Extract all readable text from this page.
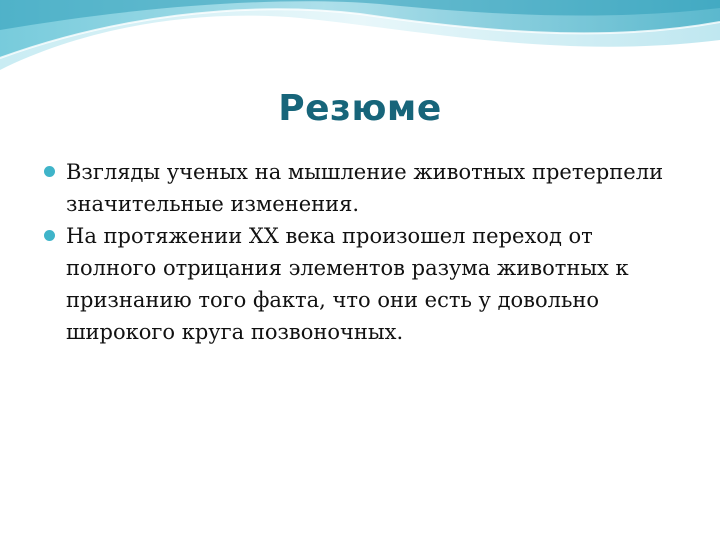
Резюме
Взгляды ученых на мышление животных претерпели значительные изменения.
На протяжении XX века произошел переход от полного отрицания элементов разума животных к признанию того факта, что они есть у довольно широкого круга позвоночных.
